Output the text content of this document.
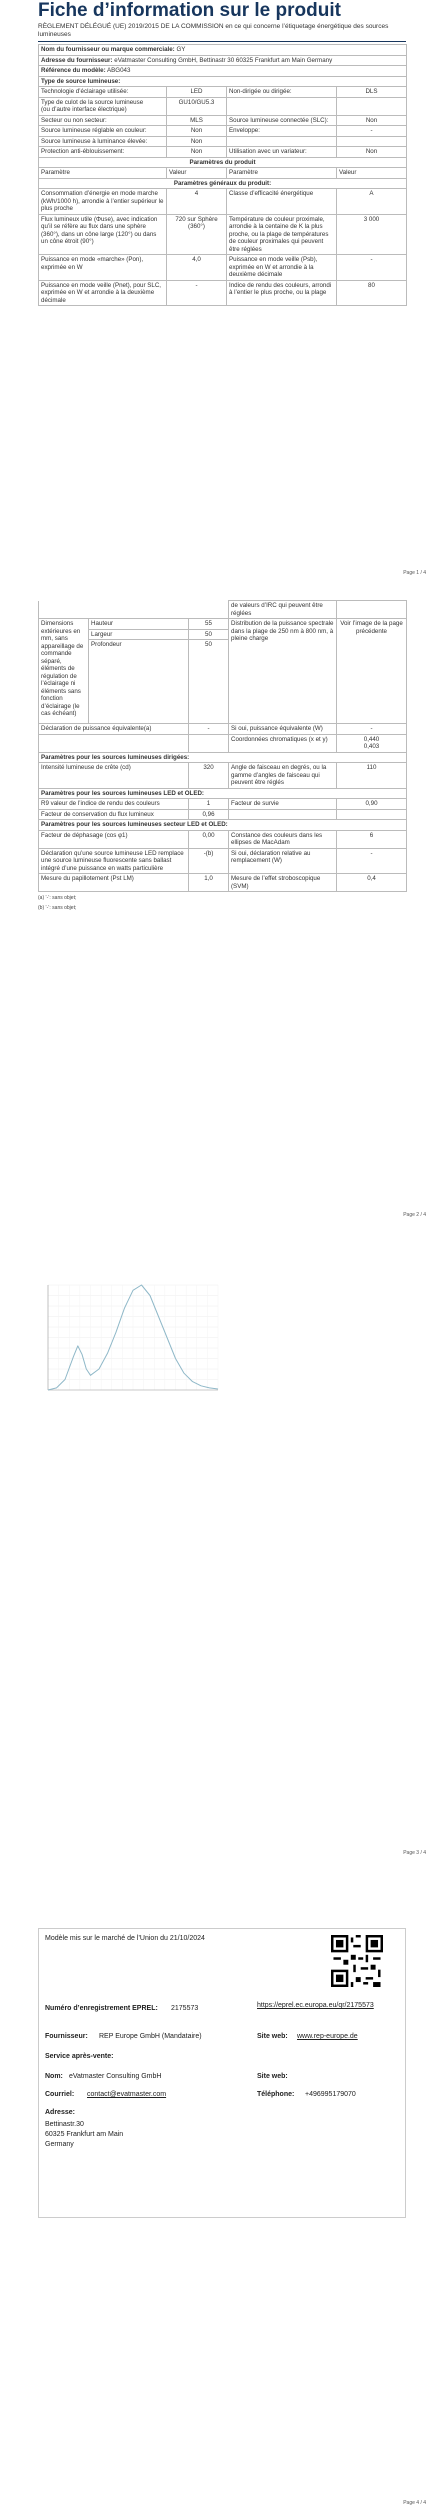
Fiche d’information sur le produit
RÈGLEMENT DÉLÉGUÉ (UE) 2019/2015 DE LA COMMISSION en ce qui concerne l’étiquetage énergétique des sources lumineuses
Nom du fournisseur ou marque commerciale: GY			
Adresse du fournisseur: eVatmaster Consulting GmbH, Bettinastr 30 60325 Frankfurt am Main Germany			
Référence du modèle: ABG043			
Type de source lumineuse:			
Technologie d’éclairage utilisée:	LED	Non-dirigée ou dirigée:	DLS
Type de culot de la source lumineuse
(ou d’autre interface électrique)	GU10/GU5.3		
Secteur ou non secteur:	MLS	Source lumineuse connectée (SLC):	Non
Source lumineuse réglable en couleur:	Non	Enveloppe:	-
Source lumineuse à luminance élevée:	Non		
Protection anti-éblouissement:	Non	Utilisation avec un variateur:	Non
Paramètres du produit			
Paramètre	Valeur	Paramètre	Valeur
Paramètres généraux du produit:			
Consommation d’énergie en mode marche (kWh/1000 h), arrondie à l’entier supérieur le plus proche	4	Classe d’efficacité énergétique	A
Flux lumineux utile (Φuse), avec indication qu’il se réfère au flux dans une sphère (360°), dans un cône large (120°) ou dans un cône étroit (90°)	720 sur Sphère (360°)	Température de couleur proximale, arrondie à la centaine de K la plus proche, ou la plage de températures de couleur proximales qui peuvent être réglées	3 000
Puissance en mode «marche» (Pon), exprimée en W	4,0	Puissance en mode veille (Psb), exprimée en W et arrondie à la deuxième décimale	-
Puissance en mode veille (Pnet), pour SLC, exprimée en W et arrondie à la deuxième décimale	-	Indice de rendu des couleurs, arrondi à l’entier le plus proche, ou la plage	80
Page 1 / 4
			de valeurs d’IRC qui peuvent être réglées	
Dimensions extérieures en mm, sans appareillage de commande séparé, éléments de régulation de l’éclairage ni éléments sans fonction d’éclairage (le cas échéant)	Hauteur	55	Distribution de la puissance spectrale dans la plage de 250 nm à 800 nm, à pleine charge	Voir l’image de la page précédente
	Largeur	50		
	Profondeur	50		
Déclaration de puissance équivalente(a)		-	Si oui, puissance équivalente (W)	-
			Coordonnées chromatiques (x et y)	0,440
0,403
Paramètres pour les sources lumineuses dirigées:				
Intensité lumineuse de crête (cd)		320	Angle de faisceau en degrés, ou la gamme d’angles de faisceau qui peuvent être réglés	110
Paramètres pour les sources lumineuses LED et OLED:				
R9 valeur de l’indice de rendu des couleurs		1	Facteur de survie	0,90
Facteur de conservation du flux lumineux		0,96		
Paramètres pour les sources lumineuses secteur LED et OLED:				
Facteur de déphasage (cos φ1)		0,00	Constance des couleurs dans les ellipses de MacAdam	6
Déclaration qu’une source lumineuse LED remplace une source lumineuse fluorescente sans ballast intégré d’une puissance en watts particulière		-(b)	Si oui, déclaration relative au remplacement (W)	-
Mesure du papillotement (Pst LM)		1,0	Mesure de l’effet stroboscopique (SVM)	0,4
(a) ‘-’: sans objet;
(b) ‘-’: sans objet;
Page 2 / 4
Page 3 / 4
Modèle mis sur le marché de l’Union du 21/10/2024
Numéro d’enregistrement EPREL: 2175573	https://eprel.ec.europa.eu/qr/2175573
Fournisseur: REP Europe GmbH (Mandataire)	Site web: www.rep-europe.de
Service après-vente:
Nom: eVatmaster Consulting GmbH	Site web:
Courriel: contact@evatmaster.com	Téléphone: +496995179070
Adresse:
Bettinastr.30
60325 Frankfurt am Main
Germany
Page 4 / 4
